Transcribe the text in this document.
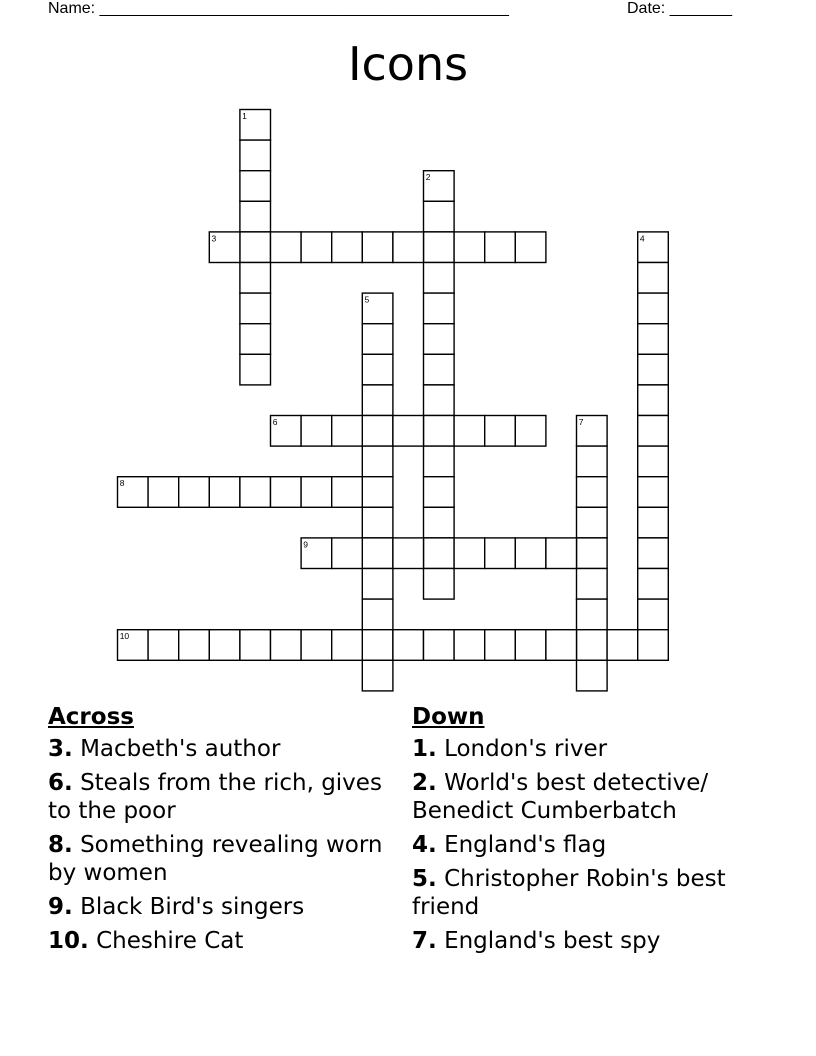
Name: ______________________________________________	Date: _______
Icons
1
2
3	4
5
6	7
8
9
10
Across
3. Macbeth's author
6. Steals from the rich, gives to the poor
8. Something revealing worn by women
9. Black Bird's singers
10. Cheshire Cat
Down
1. London's river
2. World's best detective/ Benedict Cumberbatch
4. England's flag
5. Christopher Robin's best friend
7. England's best spy
